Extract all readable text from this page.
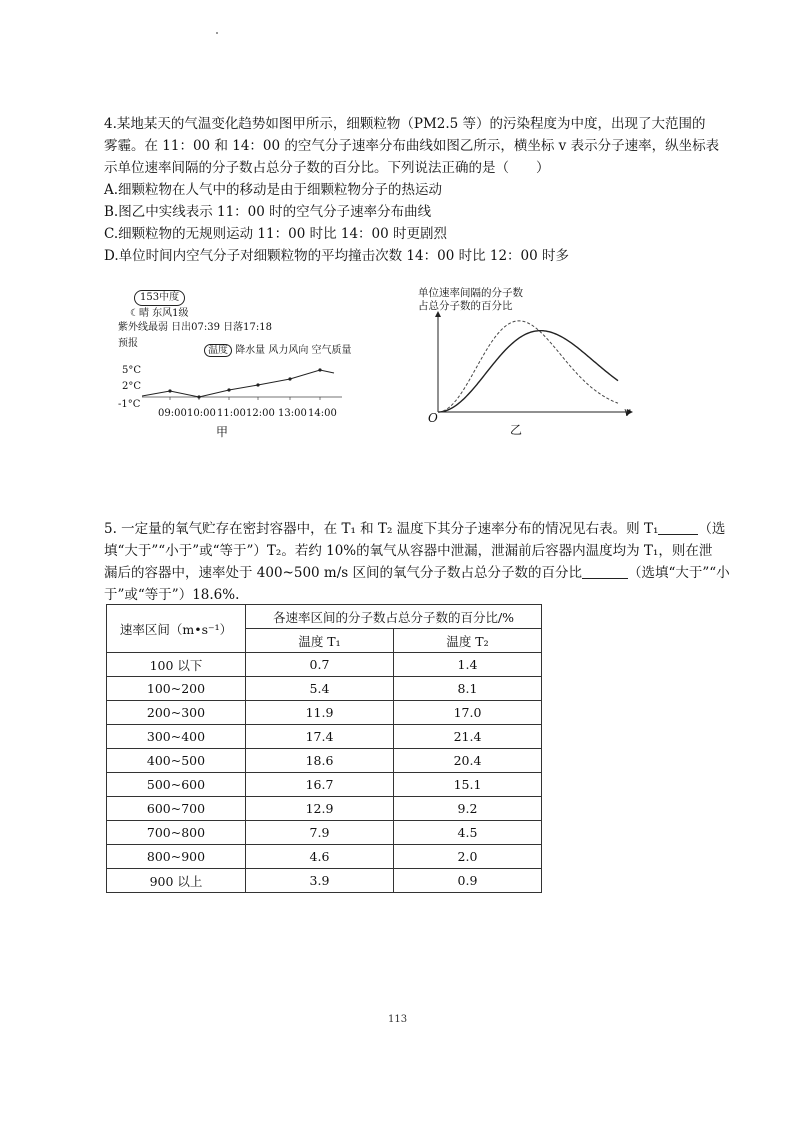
4.某地某天的气温变化趋势如图甲所示，细颗粒物（PM2.5 等）的污染程度为中度，出现了大范围的
雾霾。在 11：00 和 14：00 的空气分子速率分布曲线如图乙所示，横坐标 v 表示分子速率，纵坐标表
示单位速率间隔的分子数占总分子数的百分比。下列说法正确的是（　　）
A.细颗粒物在人气中的移动是由于细颗粒物分子的热运动
B.图乙中实线表示 11：00 时的空气分子速率分布曲线
C.细颗粒物的无规则运动 11：00 时比 14：00 时更剧烈
D.单位时间内空气分子对细颗粒物的平均撞击次数 14：00 时比 12：00 时多
153中度
☾晴 东风1级
紫外线最弱 日出07:39 日落17:18
预报
温度 降水量 风力风向 空气质量
5°C
2°C
-1°C
09:00 10:00 11:00 12:00 13:00 14:00
甲
单位速率间隔的分子数
占总分子数的百分比
O	v
乙
5. 一定量的氧气贮存在密封容器中，在 T₁ 和 T₂ 温度下其分子速率分布的情况见右表。则 T₁	（选
填“大于”“小于”或“等于”）T₂。若约 10%的氧气从容器中泄漏，泄漏前后容器内温度均为 T₁，则在泄
漏后的容器中，速率处于 400~500 m/s 区间的氧气分子数占总分子数的百分比	（选填“大于”“小
于”或“等于”）18.6%.
速率区间（m•s⁻¹）	各速率区间的分子数占总分子数的百分比/%	
	温度 T₁	温度 T₂
100 以下	0.7	1.4
100~200	5.4	8.1
200~300	11.9	17.0
300~400	17.4	21.4
400~500	18.6	20.4
500~600	16.7	15.1
600~700	12.9	9.2
700~800	7.9	4.5
800~900	4.6	2.0
900 以上	3.9	0.9
113
